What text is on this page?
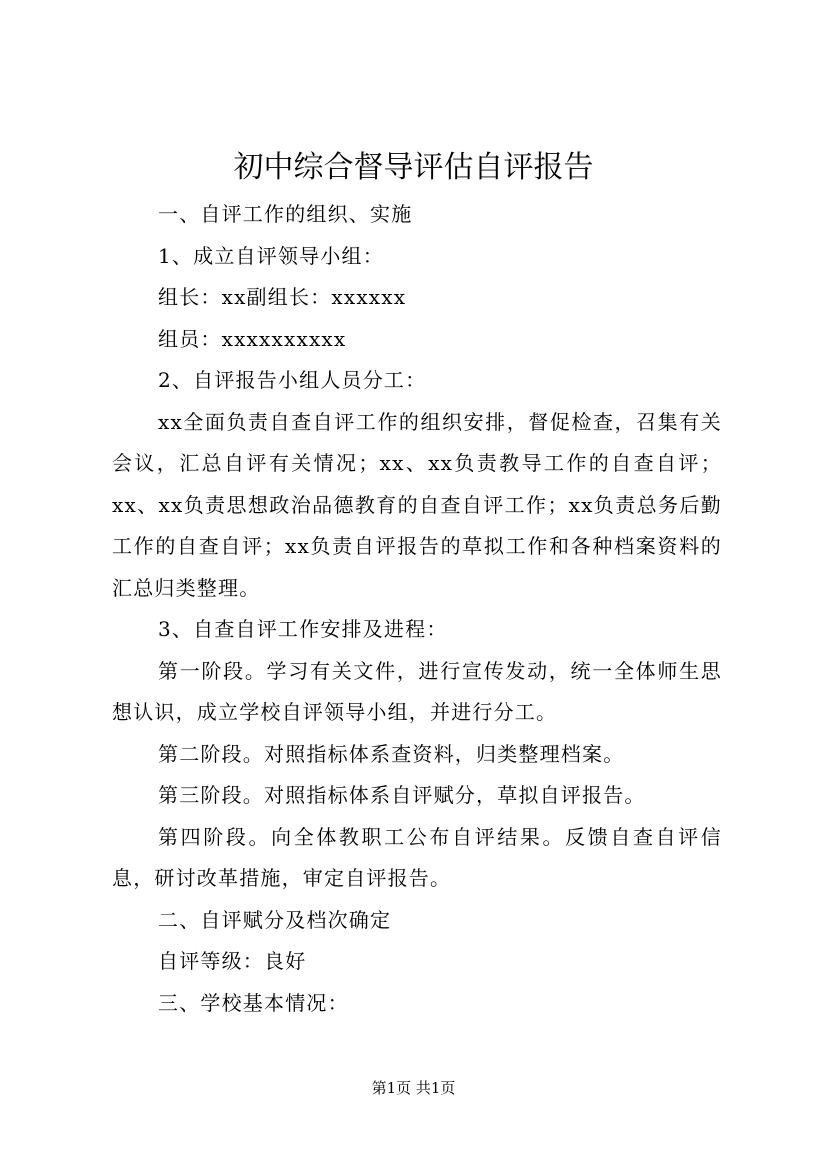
初中综合督导评估自评报告

一、自评工作的组织、实施

1、成立自评领导小组：

组长：xx副组长：xxxxxx

组员：xxxxxxxxxx

2、自评报告小组人员分工：

xx全面负责自查自评工作的组织安排，督促检查，召集有关会议，汇总自评有关情况；xx、xx负责教导工作的自查自评；xx、xx负责思想政治品德教育的自查自评工作；xx负责总务后勤工作的自查自评；xx负责自评报告的草拟工作和各种档案资料的汇总归类整理。

3、自查自评工作安排及进程：

第一阶段。学习有关文件，进行宣传发动，统一全体师生思想认识，成立学校自评领导小组，并进行分工。

第二阶段。对照指标体系查资料，归类整理档案。

第三阶段。对照指标体系自评赋分，草拟自评报告。

第四阶段。向全体教职工公布自评结果。反馈自查自评信息，研讨改革措施，审定自评报告。

二、自评赋分及档次确定

自评等级：良好

三、学校基本情况：

第1页 共1页
